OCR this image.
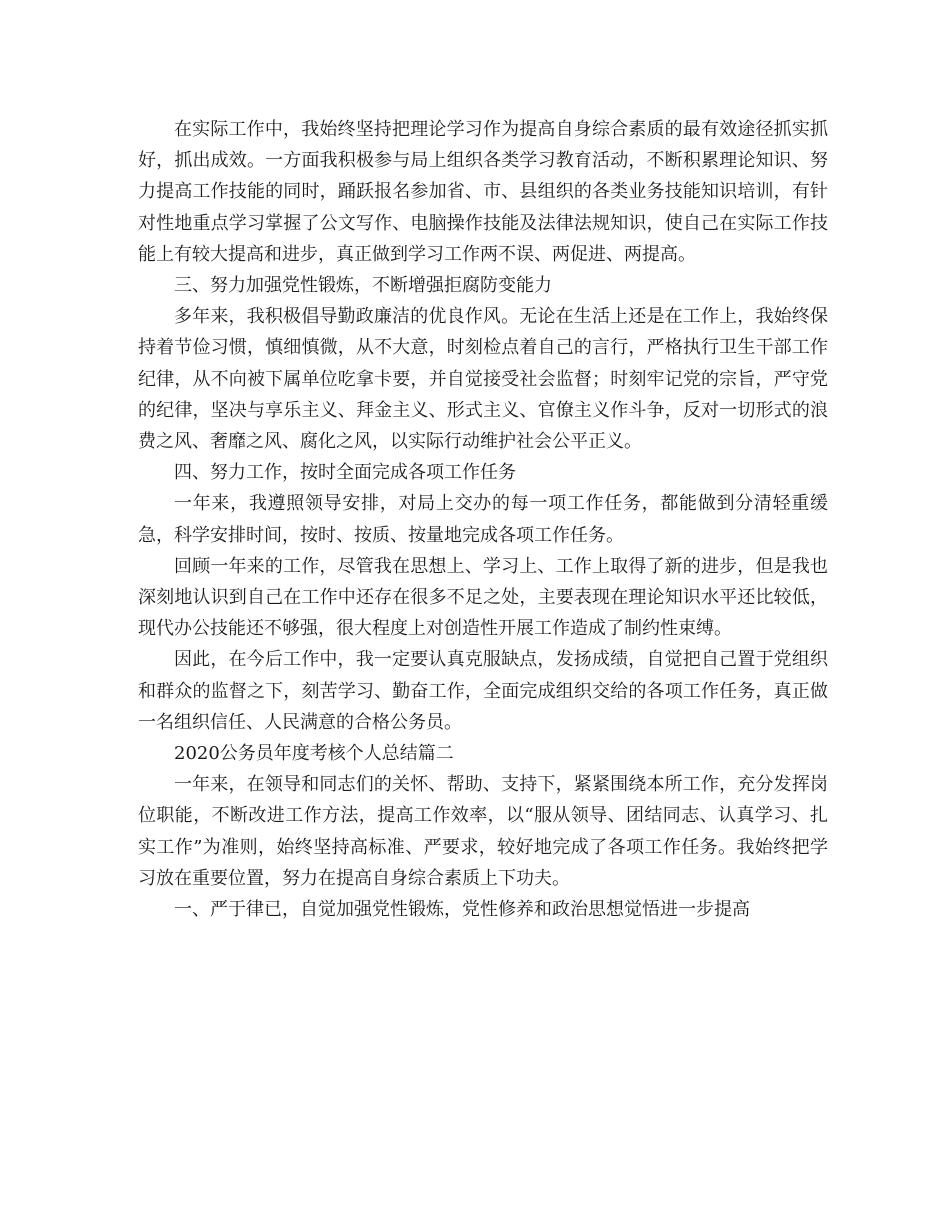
在实际工作中，我始终坚持把理论学习作为提高自身综合素质的最有效途径抓实抓好，抓出成效。一方面我积极参与局上组织各类学习教育活动，不断积累理论知识、努力提高工作技能的同时，踊跃报名参加省、市、县组织的各类业务技能知识培训，有针对性地重点学习掌握了公文写作、电脑操作技能及法律法规知识，使自己在实际工作技能上有较大提高和进步，真正做到学习工作两不误、两促进、两提高。

三、努力加强党性锻炼，不断增强拒腐防变能力

多年来，我积极倡导勤政廉洁的优良作风。无论在生活上还是在工作上，我始终保持着节俭习惯，慎细慎微，从不大意，时刻检点着自己的言行，严格执行卫生干部工作纪律，从不向被下属单位吃拿卡要，并自觉接受社会监督；时刻牢记党的宗旨，严守党的纪律，坚决与享乐主义、拜金主义、形式主义、官僚主义作斗争，反对一切形式的浪费之风、奢靡之风、腐化之风，以实际行动维护社会公平正义。

四、努力工作，按时全面完成各项工作任务

一年来，我遵照领导安排，对局上交办的每一项工作任务，都能做到分清轻重缓急，科学安排时间，按时、按质、按量地完成各项工作任务。

回顾一年来的工作，尽管我在思想上、学习上、工作上取得了新的进步，但是我也深刻地认识到自己在工作中还存在很多不足之处，主要表现在理论知识水平还比较低，现代办公技能还不够强，很大程度上对创造性开展工作造成了制约性束缚。

因此，在今后工作中，我一定要认真克服缺点，发扬成绩，自觉把自己置于党组织和群众的监督之下，刻苦学习、勤奋工作，全面完成组织交给的各项工作任务，真正做一名组织信任、人民满意的合格公务员。

2020公务员年度考核个人总结篇二

一年来，在领导和同志们的关怀、帮助、支持下，紧紧围绕本所工作，充分发挥岗位职能，不断改进工作方法，提高工作效率，以“服从领导、团结同志、认真学习、扎实工作”为准则，始终坚持高标准、严要求，较好地完成了各项工作任务。我始终把学习放在重要位置，努力在提高自身综合素质上下功夫。

一、严于律已，自觉加强党性锻炼，党性修养和政治思想觉悟进一步提高
